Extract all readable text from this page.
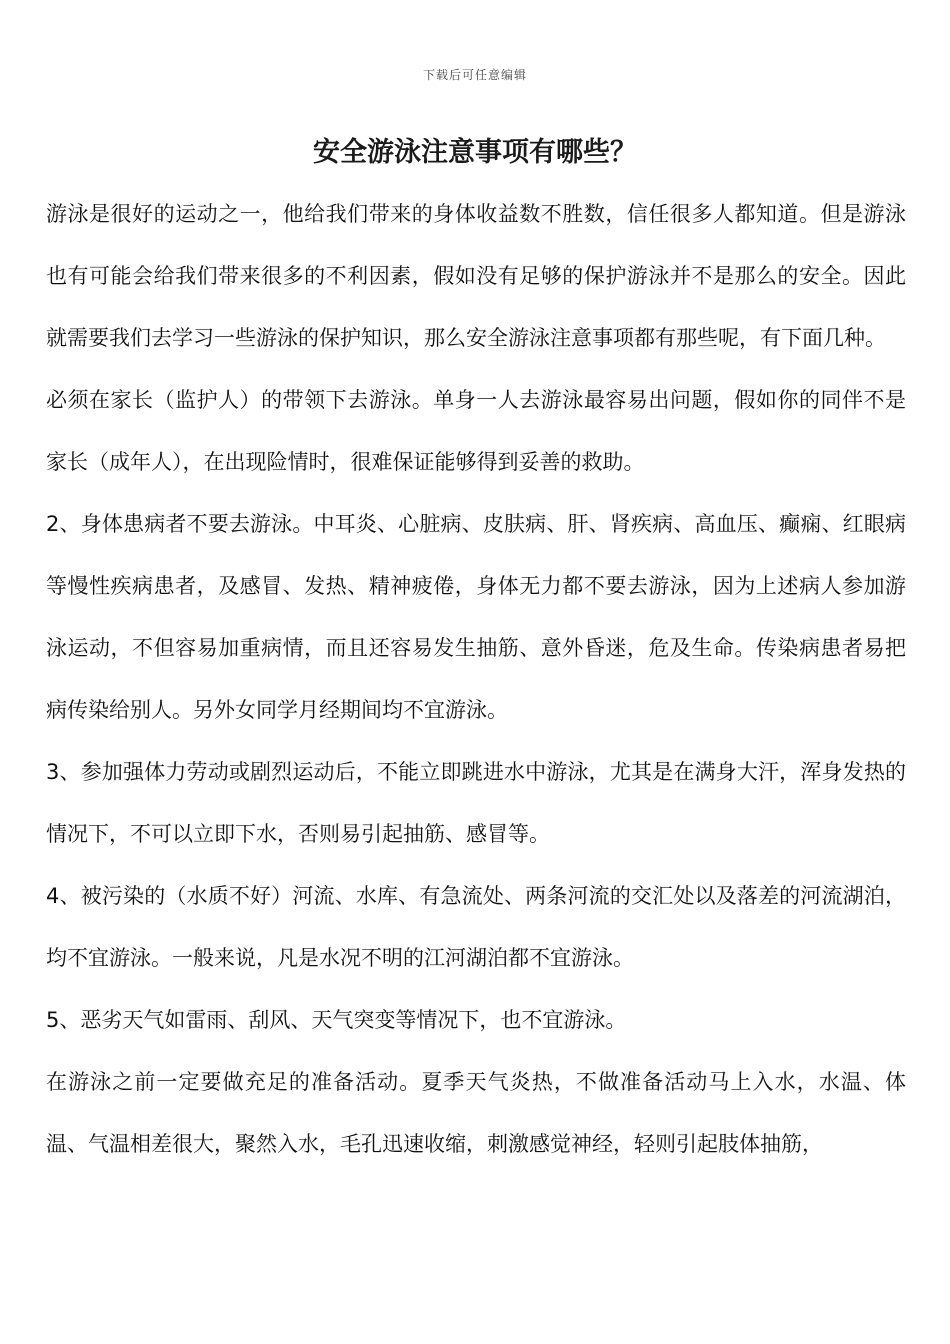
下载后可任意编辑
安全游泳注意事项有哪些？

游泳是很好的运动之一，他给我们带来的身体收益数不胜数，信任很多人都知道。但是游泳也有可能会给我们带来很多的不利因素，假如没有足够的保护游泳并不是那么的安全。因此就需要我们去学习一些游泳的保护知识，那么安全游泳注意事项都有那些呢，有下面几种。

必须在家长（监护人）的带领下去游泳。单身一人去游泳最容易出问题，假如你的同伴不是家长（成年人），在出现险情时，很难保证能够得到妥善的救助。

2、身体患病者不要去游泳。中耳炎、心脏病、皮肤病、肝、肾疾病、高血压、癫痫、红眼病等慢性疾病患者，及感冒、发热、精神疲倦，身体无力都不要去游泳，因为上述病人参加游泳运动，不但容易加重病情，而且还容易发生抽筋、意外昏迷，危及生命。传染病患者易把病传染给别人。另外女同学月经期间均不宜游泳。

3、参加强体力劳动或剧烈运动后，不能立即跳进水中游泳，尤其是在满身大汗，浑身发热的情况下，不可以立即下水，否则易引起抽筋、感冒等。

4、被污染的（水质不好）河流、水库、有急流处、两条河流的交汇处以及落差的河流湖泊，均不宜游泳。一般来说，凡是水况不明的江河湖泊都不宜游泳。

5、恶劣天气如雷雨、刮风、天气突变等情况下，也不宜游泳。

在游泳之前一定要做充足的准备活动。夏季天气炎热，不做准备活动马上入水，水温、体温、气温相差很大，聚然入水，毛孔迅速收缩，刺激感觉神经，轻则引起肢体抽筋，
